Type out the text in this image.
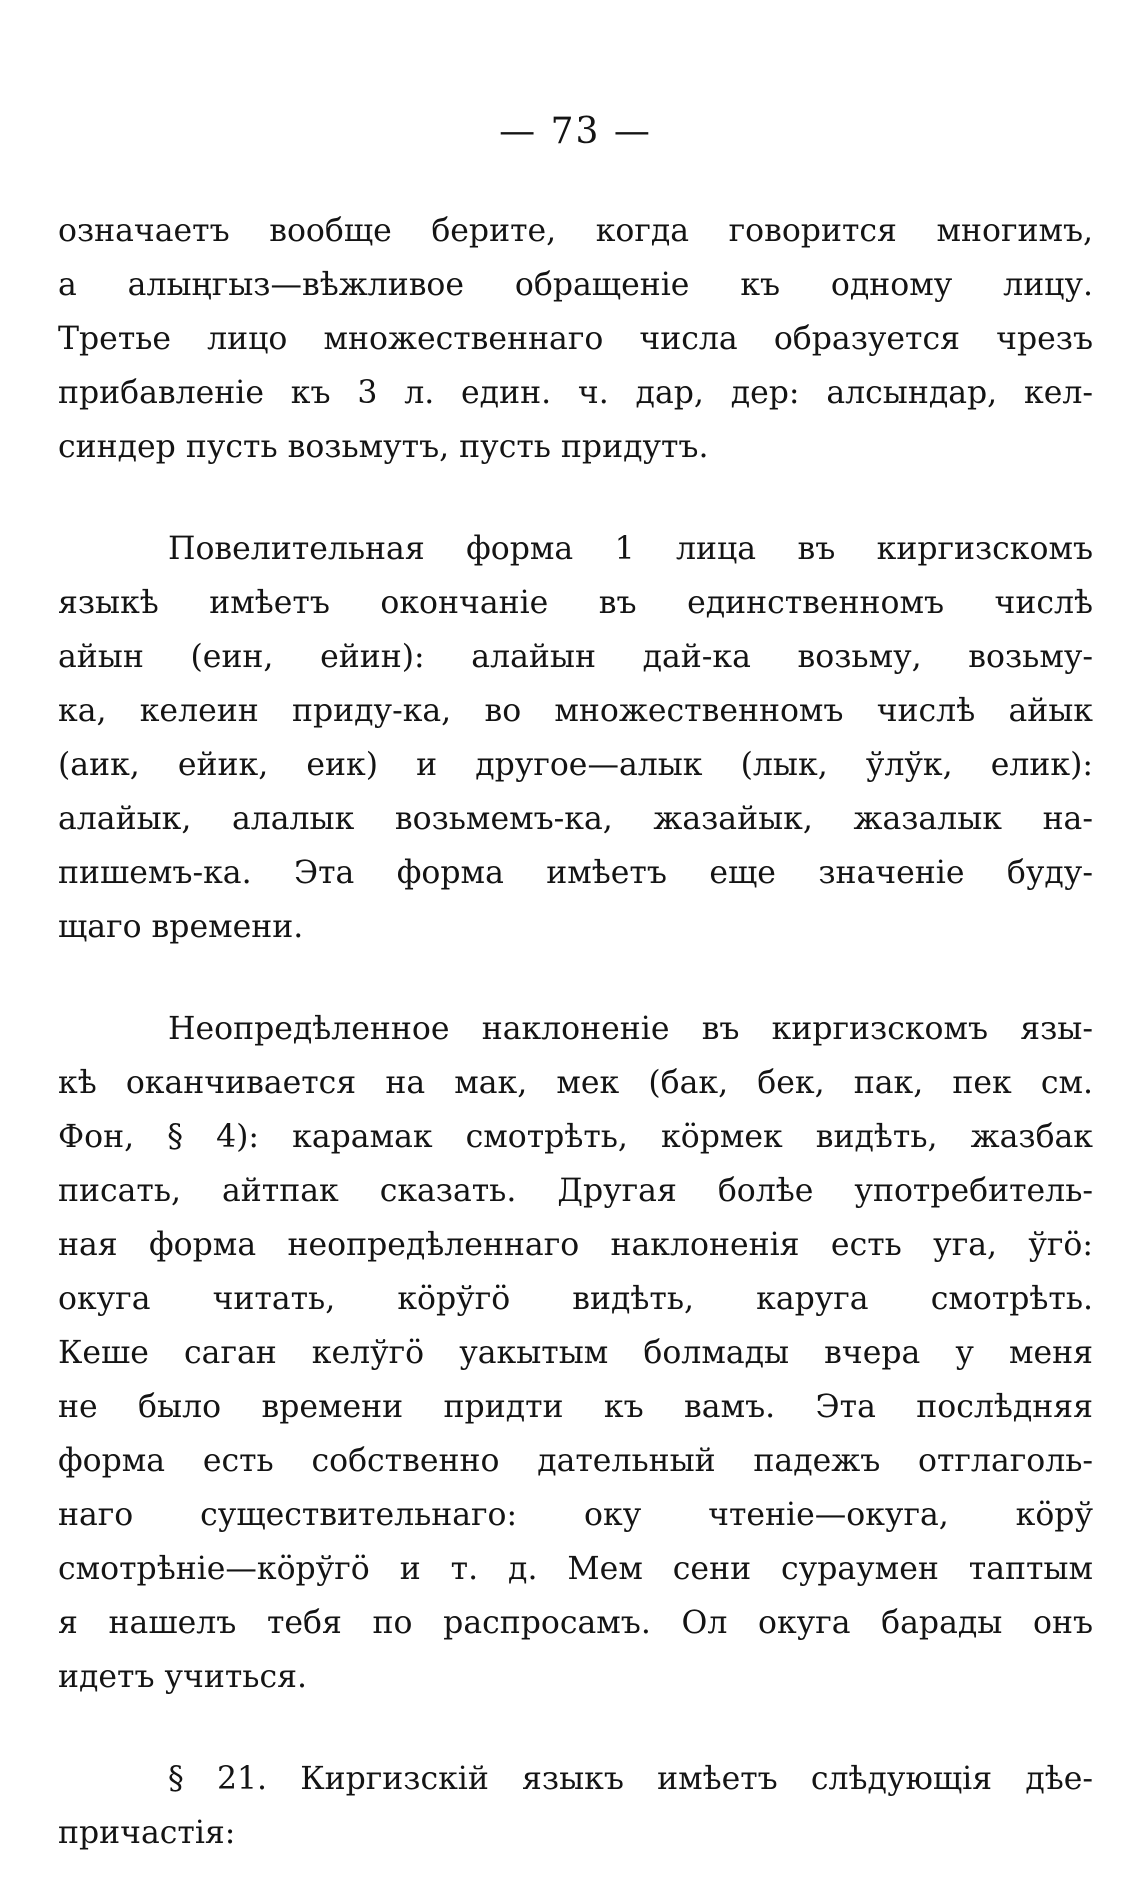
— 73 —
означаетъ вообще берите, когда говорится многимъ,
а алыңгыз—вѣжливое обращеніе къ одному лицу.
Третье лицо множественнаго числа образуется чрезъ
прибавленіе къ 3 л. един. ч. дар, дер: алсындар, кел-
синдер пусть возьмутъ, пусть придутъ.
Повелительная форма 1 лица въ киргизскомъ
языкѣ имѣетъ окончаніе въ единственномъ числѣ
айын (еин, ейин): алайын дай-ка возьму, возьму-
ка, келеин приду-ка, во множественномъ числѣ айык
(аик, ейик, еик) и другое—алык (лык, ўлўк, елик):
алайык, алалык возьмемъ-ка, жазайык, жазалык на-
пишемъ-ка. Эта форма имѣетъ еще значеніе буду-
щаго времени.
Неопредѣленное наклоненіе въ киргизскомъ язы-
кѣ оканчивается на мак, мек (бак, бек, пак, пек см.
Фон, § 4): карамак смотрѣть, кӧрмек видѣть, жазбак
писать, айтпак сказать. Другая болѣе употребитель-
ная форма неопредѣленнаго наклоненія есть уга, ўгӧ:
окуга читать, кӧрўгӧ видѣть, каруга смотрѣть.
Кеше саган келўгӧ уакытым болмады вчера у меня
не было времени придти къ вамъ. Эта послѣдняя
форма есть собственно дательный падежъ отглаголь-
наго существительнаго: оку чтеніе—окуга, кӧрў
смотрѣніе—кӧрўгӧ и т. д. Мем сени сураумен таптым
я нашелъ тебя по распросамъ. Ол окуга барады онъ
идетъ учиться.
§ 21. Киргизскій языкъ имѣетъ слѣдующія дѣе-
причастія:
